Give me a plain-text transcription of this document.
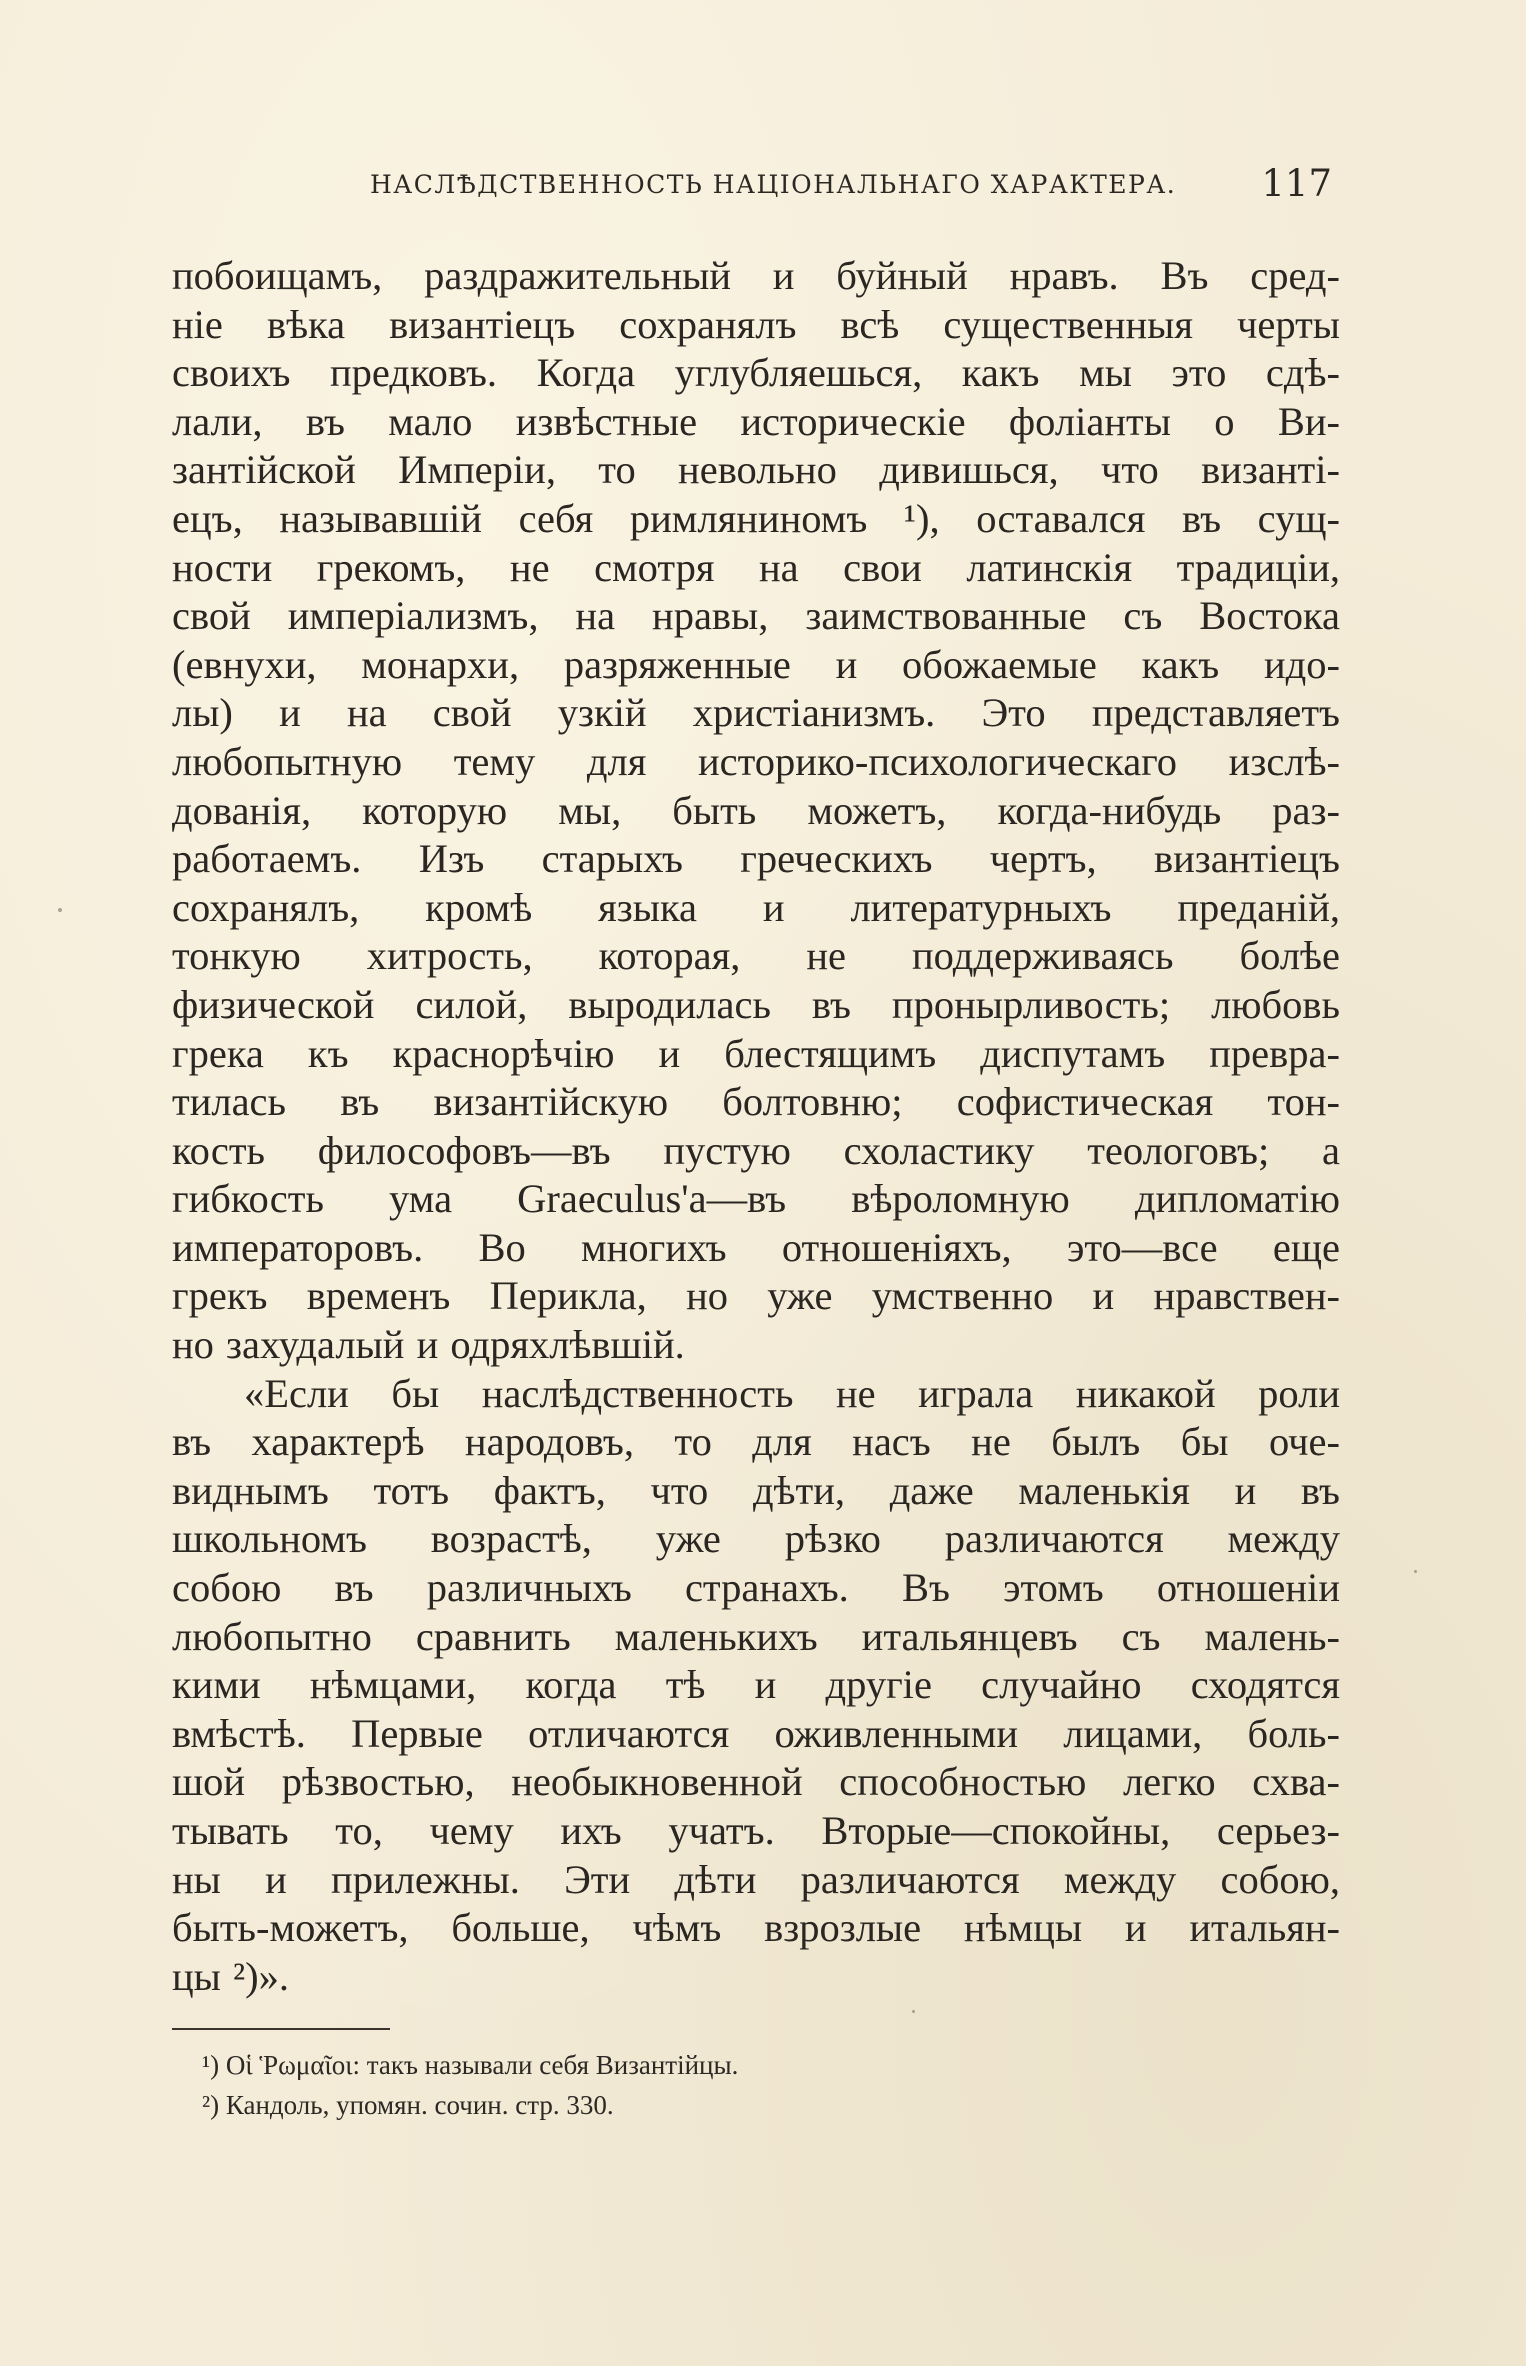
НАСЛѢДСТВЕННОСТЬ НАЦІОНАЛЬНАГО ХАРАКТЕРА. 117
побоищамъ, раздражительный и буйный нравъ. Въ сред-
ніе вѣка византіецъ сохранялъ всѣ существенныя черты
своихъ предковъ. Когда углубляешься, какъ мы это сдѣ-
лали, въ мало извѣстные историческіе фоліанты о Ви-
зантійской Имперіи, то невольно дивишься, что византі-
ецъ, называвшій себя римляниномъ ¹), оставался въ сущ-
ности грекомъ, не смотря на свои латинскія традиціи,
свой имперіализмъ, на нравы, заимствованные съ Востока
(евнухи, монархи, разряженные и обожаемые какъ идо-
лы) и на свой узкій христіанизмъ. Это представляетъ
любопытную тему для историко-психологическаго изслѣ-
дованія, которую мы, быть можетъ, когда-нибудь раз-
работаемъ. Изъ старыхъ греческихъ чертъ, византіецъ
сохранялъ, кромѣ языка и литературныхъ преданій,
тонкую хитрость, которая, не поддерживаясь болѣе
физической силой, выродилась въ пронырливость; любовь
грека къ краснорѣчію и блестящимъ диспутамъ превра-
тилась въ византійскую болтовню; софистическая тон-
кость философовъ—въ пустую схоластику теологовъ; а
гибкость ума Graeculus'а—въ вѣроломную дипломатію
императоровъ. Во многихъ отношеніяхъ, это—все еще
грекъ временъ Перикла, но уже умственно и нравствен-
но захудалый и одряхлѣвшій.
«Если бы наслѣдственность не играла никакой роли
въ характерѣ народовъ, то для насъ не былъ бы оче-
виднымъ тотъ фактъ, что дѣти, даже маленькія и въ
школьномъ возрастѣ, уже рѣзко различаются между
собою въ различныхъ странахъ. Въ этомъ отношеніи
любопытно сравнить маленькихъ итальянцевъ съ малень-
кими нѣмцами, когда тѣ и другіе случайно сходятся
вмѣстѣ. Первые отличаются оживленными лицами, боль-
шой рѣзвостью, необыкновенной способностью легко схва-
тывать то, чему ихъ учатъ. Вторые—спокойны, серьез-
ны и прилежны. Эти дѣти различаются между собою,
быть-можетъ, больше, чѣмъ взрозлые нѣмцы и итальян-
цы ²)».
¹) Οἱ Ῥωμαῖοι: такъ называли себя Византійцы.
²) Кандоль, упомян. сочин. стр. 330.
